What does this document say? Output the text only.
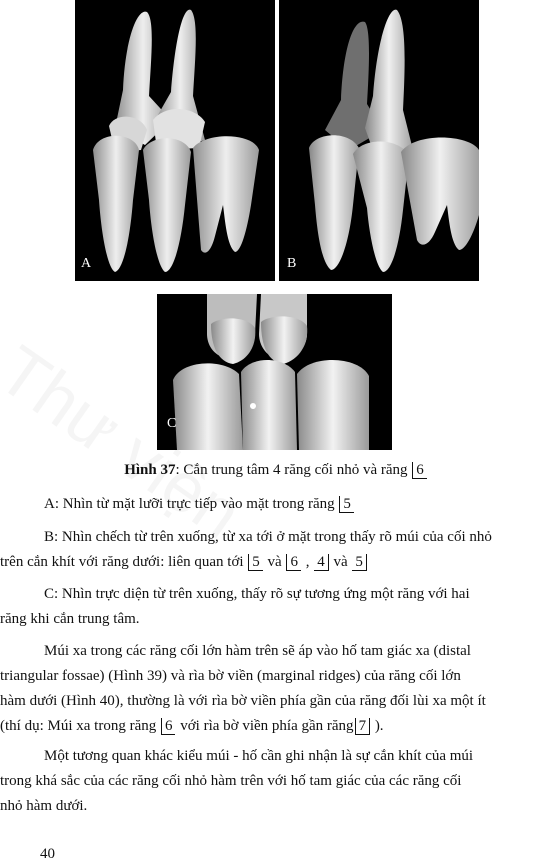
A	B
C
Hình 37: Cắn trung tâm 4 răng cối nhỏ và răng 6
A: Nhìn từ mặt lưỡi trực tiếp vào mặt trong răng 5
B: Nhìn chếch từ trên xuống, từ xa tới ở mặt trong thấy rõ múi của cối nhỏ
trên cắn khít với răng dưới: liên quan tới 5 và 6 , 4 và 5
C: Nhìn trực diện từ trên xuống, thấy rõ sự tương ứng một răng với hai
răng khi cắn trung tâm.
Múi xa trong các răng cối lớn hàm trên sẽ áp vào hố tam giác xa (distal
triangular fossae) (Hình 39) và rìa bờ viền (marginal ridges) của răng cối lớn
hàm dưới (Hình 40), thường là với rìa bờ viền phía gần của răng đối lùi xa một ít
(thí dụ: Múi xa trong răng 6 với rìa bờ viền phía gần răng 7 ).
Một tương quan khác kiểu múi - hố cần ghi nhận là sự cắn khít của múi
trong khá sắc của các răng cối nhỏ hàm trên với hố tam giác của các răng cối
nhỏ hàm dưới.
40
